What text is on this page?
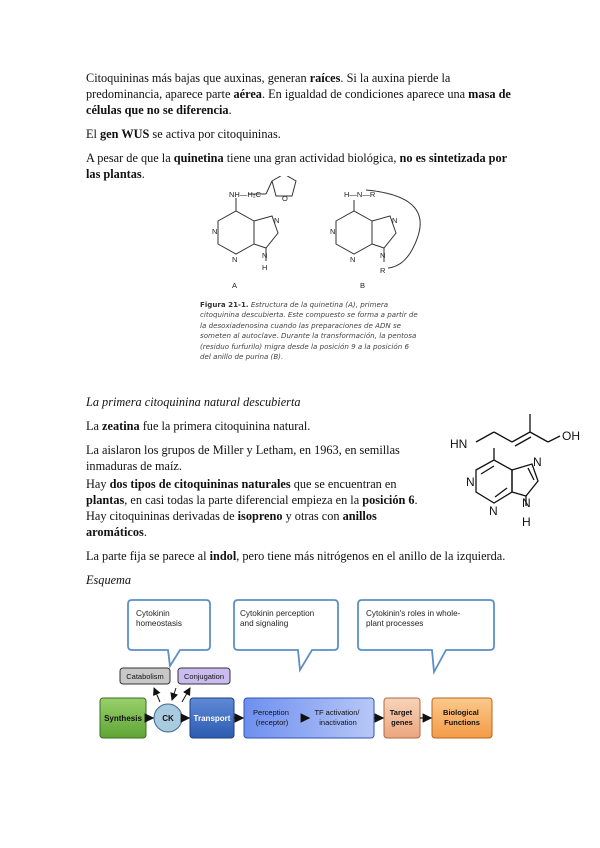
Citoquininas más bajas que auxinas, generan raíces. Si la auxina pierde la predominancia, aparece parte aérea. En igualdad de condiciones aparece una masa de células que no se diferencia.

El gen WUS se activa por citoquininas.

A pesar de que la quinetina tiene una gran actividad biológica, no es sintetizada por las plantas.

NH—H₂C	O
N
N
N
N
H
H—N—R
N
N
N
N
R
A	B
Figura 21-1. Estructura de la quinetina (A), primera citoquinina descubierta. Este compuesto se forma a partir de la desoxiadenosina cuando las preparaciones de ADN se someten al autoclave. Durante la transformación, la pentosa (residuo furfurilo) migra desde la posición 9 a la posición 6 del anillo de purina (B).

La primera citoquinina natural descubierta

La zeatina fue la primera citoquinina natural.

La aislaron los grupos de Miller y Letham, en 1963, en semillas inmaduras de maíz.

Hay dos tipos de citoquininas naturales que se encuentran en plantas, en casi todas la parte diferencial empieza en la posición 6. Hay citoquininas derivadas de isopreno y otras con anillos aromáticos.

HN
OH
N
N
N
N
H

La parte fija se parece al indol, pero tiene más nitrógenos en el anillo de la izquierda.

Esquema

Cytokinin homeostasis
Cytokinin perception and signaling
Cytokinin's roles in whole-plant processes
Catabolism	Conjugation
Synthesis	CK Transport
Perception (receptor)
TF activation/ inactivation
Target genes
Biological Functions
